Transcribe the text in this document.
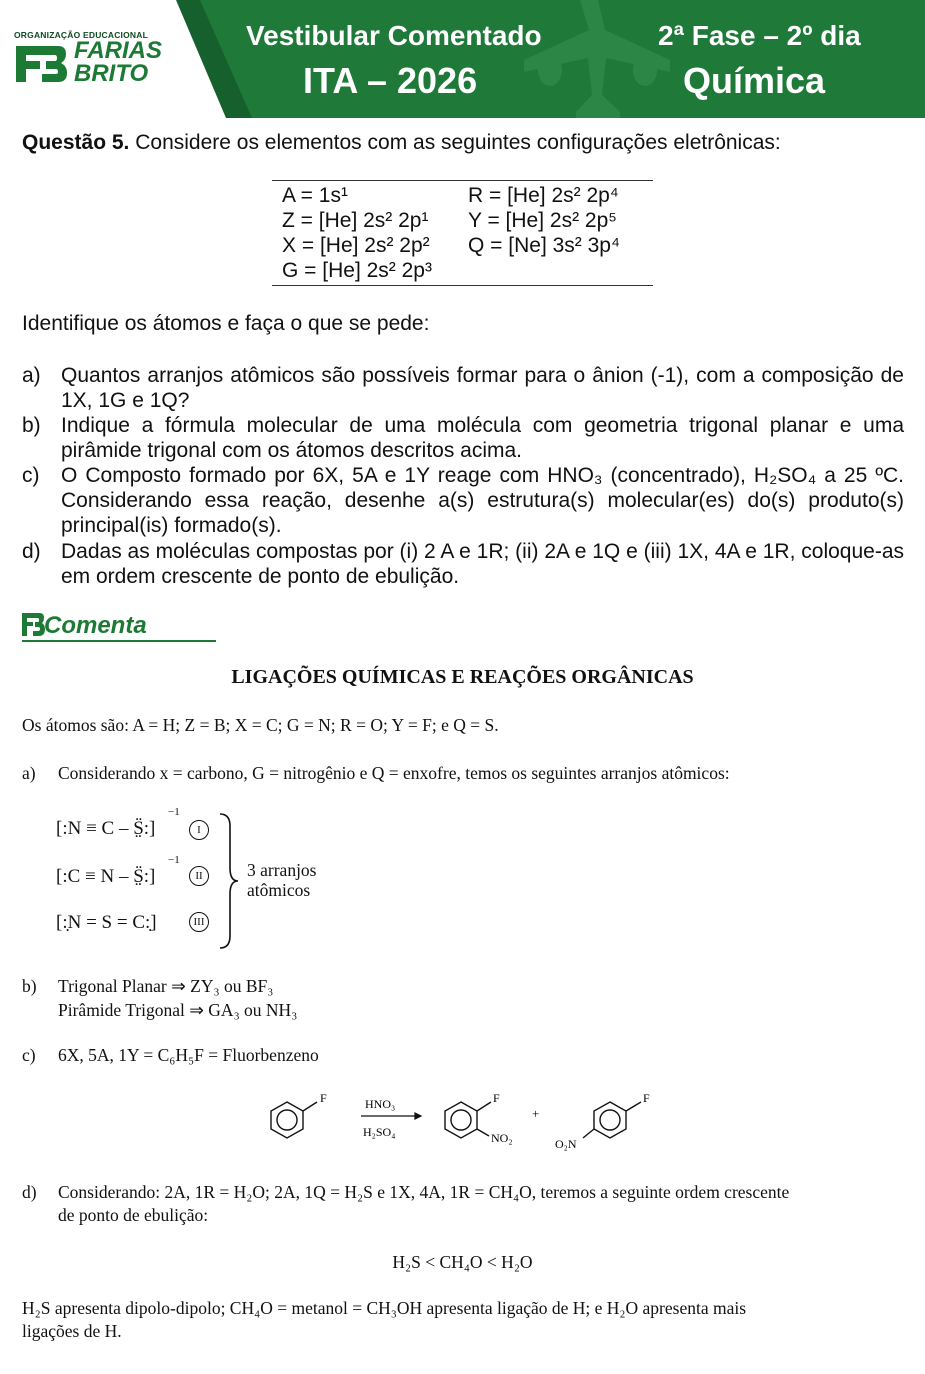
ORGANIZAÇÃO EDUCACIONAL
FARIAS
BRITO
Vestibular Comentado
ITA – 2026
2ª Fase – 2º dia
Química
Questão 5. Considere os elementos com as seguintes configurações eletrônicas:
A = 1s¹
Z = [He] 2s² 2p¹
X = [He] 2s² 2p²
G = [He] 2s² 2p³
R = [He] 2s² 2p⁴
Y = [He] 2s² 2p⁵
Q = [Ne] 3s² 3p⁴
Identifique os átomos e faça o que se pede:
a) Quantos arranjos atômicos são possíveis formar para o ânion (-1), com a composição de 1X, 1G e 1Q?
b) Indique a fórmula molecular de uma molécula com geometria trigonal planar e uma pirâmide trigonal com os átomos descritos acima.
c) O Composto formado por 6X, 5A e 1Y reage com HNO₃ (concentrado), H₂SO₄ a 25 ºC. Considerando essa reação, desenhe a(s) estrutura(s) molecular(es) do(s) produto(s) principal(is) formado(s).
d) Dadas as moléculas compostas por (i) 2 A e 1R; (ii) 2A e 1Q e (iii) 1X, 4A e 1R, coloque-as em ordem crescente de ponto de ebulição.
Comenta
LIGAÇÕES QUÍMICAS E REAÇÕES ORGÂNICAS
Os átomos são: A = H; Z = B; X = C; G = N; R = O; Y = F; e Q = S.
a) Considerando x = carbono, G = nitrogênio e Q = enxofre, temos os seguintes arranjos atômicos:
[:N ≡ C – S̤̈:]
−1
I
[:C ≡ N – S̤̈:]
−1
II
[:̣N = S = C:̣]	III
3 arranjos
atômicos
b) Trigonal Planar ⇒ ZY₃ ou BF₃
Pirâmide Trigonal ⇒ GA₃ ou NH₃
c) 6X, 5A, 1Y = C₆H₅F = Fluorbenzeno
F	HNO₃
H₂SO₄
F
NO₂
+
F
O₂N
d) Considerando: 2A, 1R = H₂O; 2A, 1Q = H₂S e 1X, 4A, 1R = CH₄O, teremos a seguinte ordem crescente
de ponto de ebulição:
H₂S < CH₄O < H₂O
H₂S apresenta dipolo-dipolo; CH₄O = metanol = CH₃OH apresenta ligação de H; e H₂O apresenta mais
ligações de H.
